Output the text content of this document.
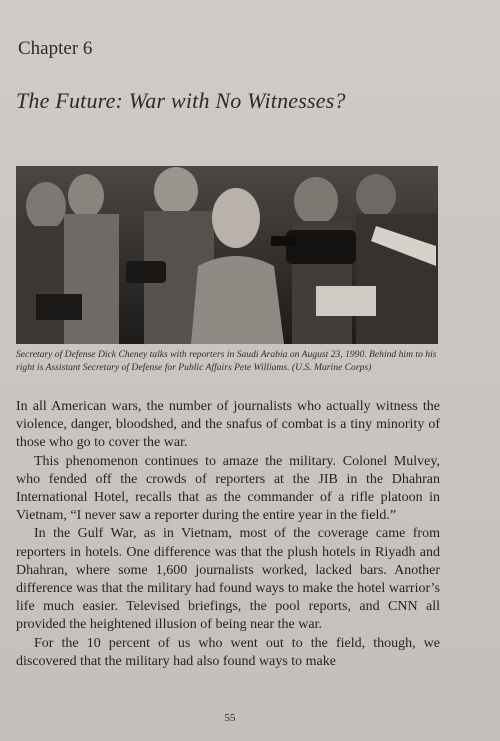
Chapter 6
The Future: War with No Witnesses?
Secretary of Defense Dick Cheney talks with reporters in Saudi Arabia on August 23, 1990. Behind him to his right is Assistant Secretary of Defense for Public Affairs Pete Williams. (U.S. Marine Corps)

In all American wars, the number of journalists who actually witness the violence, danger, bloodshed, and the snafus of combat is a tiny minority of those who go to cover the war.

This phenomenon continues to amaze the military. Colonel Mulvey, who fended off the crowds of reporters at the JIB in the Dhahran International Hotel, recalls that as the commander of a rifle platoon in Vietnam, “I never saw a reporter during the entire year in the field.”

In the Gulf War, as in Vietnam, most of the coverage came from reporters in hotels. One difference was that the plush hotels in Riyadh and Dhahran, where some 1,600 journalists worked, lacked bars. Another difference was that the military had found ways to make the hotel warrior’s life much easier. Televised briefings, the pool reports, and CNN all provided the heightened illusion of being near the war.

For the 10 percent of us who went out to the field, though, we discovered that the military had also found ways to make

55
